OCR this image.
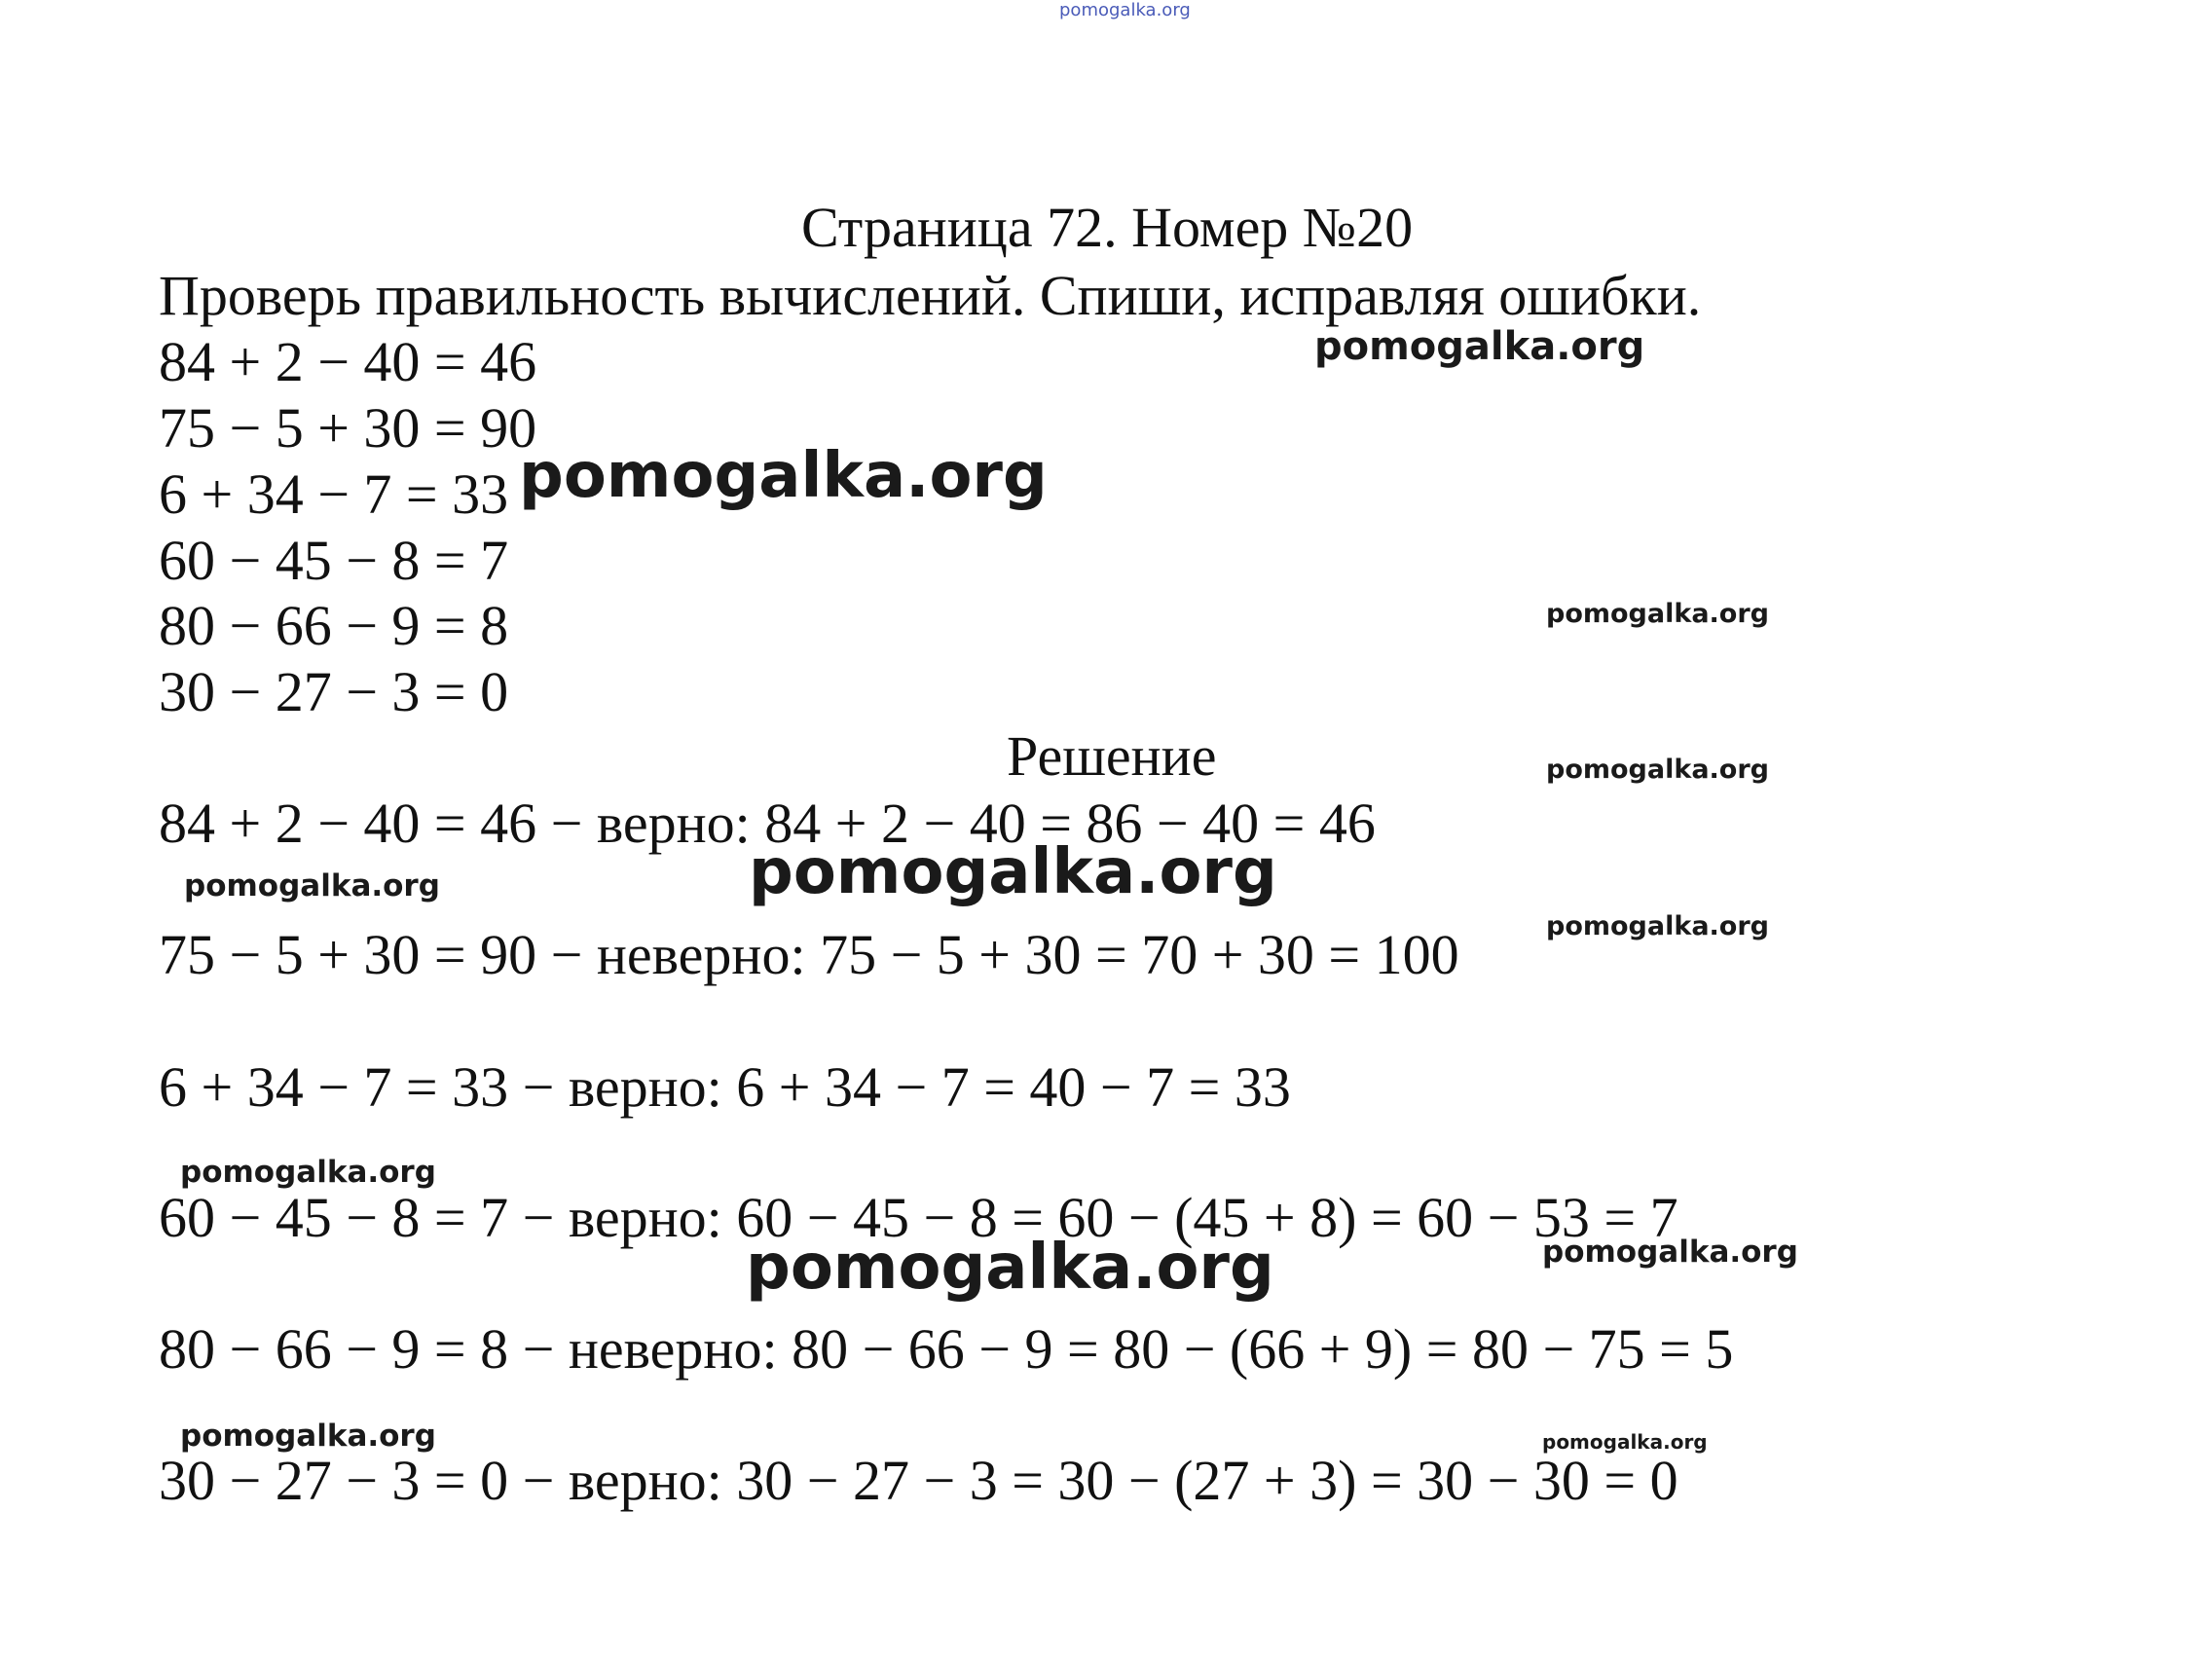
pomogalka.org
Страница 72. Номер №20
Проверь правильность вычислений. Спиши, исправляя ошибки.
84 + 2 − 40 = 46
75 − 5 + 30 = 90
6 + 34 − 7 = 33
60 − 45 − 8 = 7
80 − 66 − 9 = 8
30 − 27 − 3 = 0
Решение
84 + 2 − 40 = 46 − верно: 84 + 2 − 40 = 86 − 40 = 46
75 − 5 + 30 = 90 − неверно: 75 − 5 + 30 = 70 + 30 = 100
6 + 34 − 7 = 33 − верно: 6 + 34 − 7 = 40 − 7 = 33
60 − 45 − 8 = 7 − верно: 60 − 45 − 8 = 60 − (45 + 8) = 60 − 53 = 7
80 − 66 − 9 = 8 − неверно: 80 − 66 − 9 = 80 − (66 + 9) = 80 − 75 = 5
30 − 27 − 3 = 0 − верно: 30 − 27 − 3 = 30 − (27 + 3) = 30 − 30 = 0
pomogalka.org
pomogalka.org
pomogalka.org
pomogalka.org
pomogalka.org
pomogalka.org
pomogalka.org
pomogalka.org
pomogalka.org	pomogalka.org
pomogalka.org	pomogalka.org
